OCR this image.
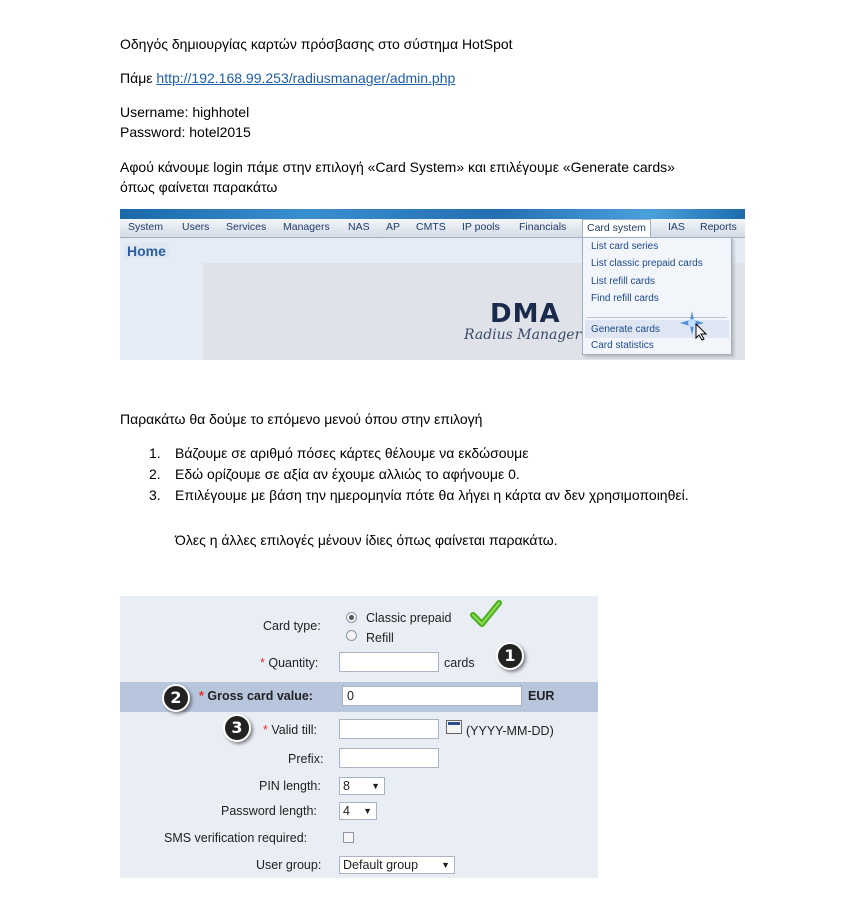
Οδηγός δημιουργίας καρτών πρόσβασης στο σύστημα HotSpot
Πάμε http://192.168.99.253/radiusmanager/admin.php
Username: highhotel
Password: hotel2015
Αφού κάνουμε login πάμε στην επιλογή «Card System» και επιλέγουμε «Generate cards»
όπως φαίνεται παρακάτω
System Users Services Managers NAS AP CMTS IP pools Financials	Card system	IAS Reports
Home
DMA
Radius Manager
List card series
List classic prepaid cards
List refill cards
Find refill cards
Generate cards
Card statistics
Παρακάτω θα δούμε το επόμενο μενού όπου στην επιλογή
1. Βάζουμε σε αριθμό πόσες κάρτες θέλουμε να εκδώσουμε
2. Εδώ ορίζουμε σε αξία αν έχουμε αλλιώς το αφήνουμε 0.
3. Επιλέγουμε με βάση την ημερομηνία πότε θα λήγει η κάρτα αν δεν χρησιμοποιηθεί.
Όλες η άλλες επιλογές μένουν ίδιες όπως φαίνεται παρακάτω.
Card type:
Classic prepaid
Refill
* Quantity:	cards	1
2	* Gross card value:	0	EUR
3	* Valid till:	(YYYY-MM-DD)
Prefix:
PIN length:	8 ▼
Password length:	4 ▼
SMS verification required:
User group:	Default group	▼
